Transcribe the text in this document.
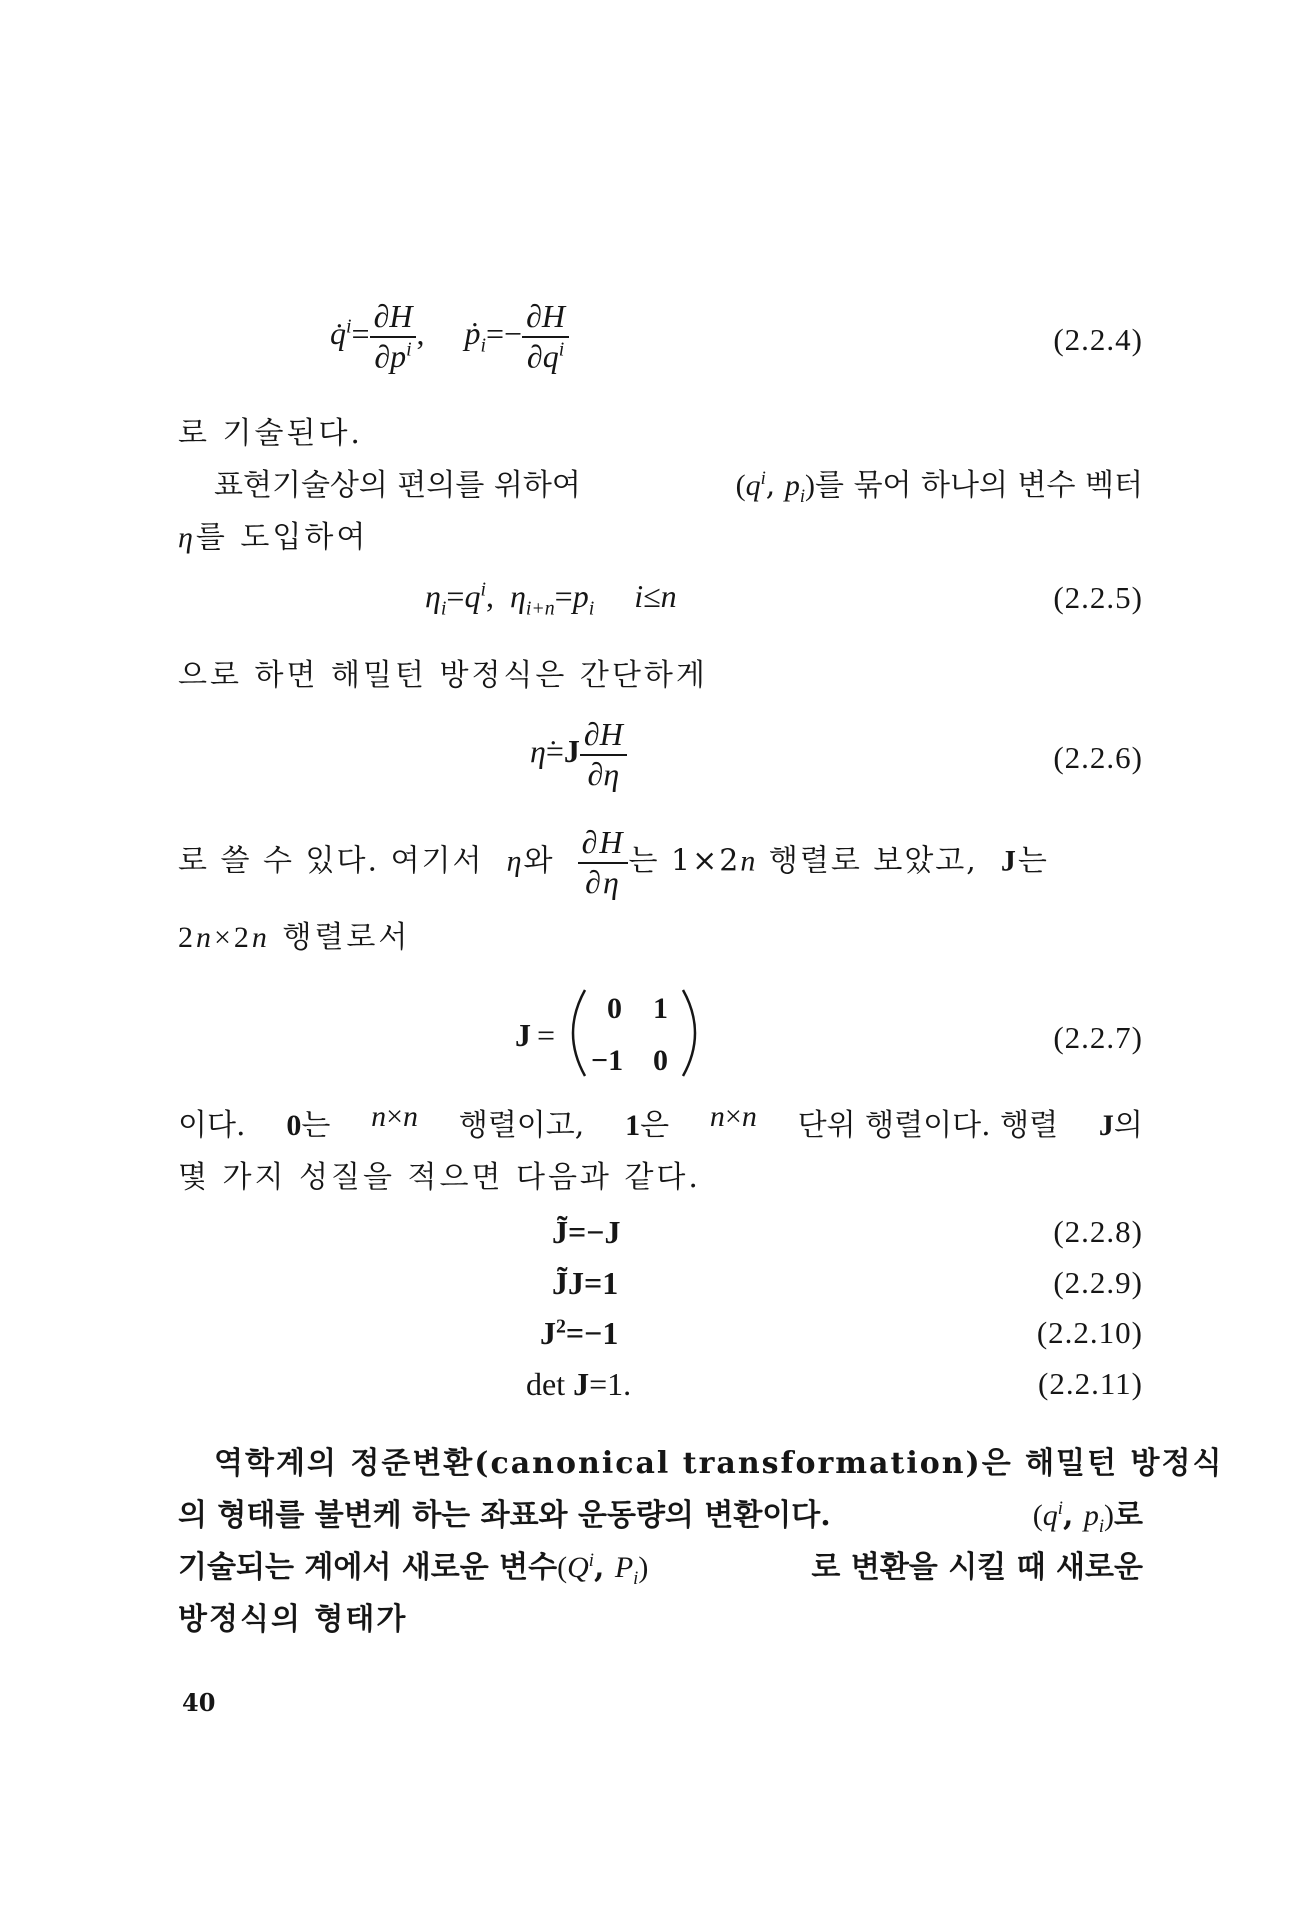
q̇$^i$= $\frac{\partial H}{\partial p^i}$ ,     ṗ$_i$=− $\frac{\partial H}{\partial q^i}$	(2.2.4)
로 기술된다.
표현기술상의 편의를 위하여	($q^i$, $p_i$)를 묶어 하나의 변수 벡터
η를 도입하여
$\eta_i=q^i$,  $\eta_{i+n}=p_i$ i≤n	(2.2.5)
으로 하면 해밀턴 방정식은 간단하게
η̇=J $\frac{\partial H}{\partial\eta}$	(2.2.6)
로 쓸 수 있다. 여기서 η와 $\frac{\partial H}{\partial\eta}$ 는 1×2n 행렬로 보았고, J는
2n×2n 행렬로서
J =
0 1
−1 0
(2.2.7)
이다. 0는 n×n 행렬이고, 1은 n×n 단위 행렬이다. 행렬 J의
몇 가지 성질을 적으면 다음과 같다.
J̃=−J	(2.2.8)
J̃J=1	(2.2.9)
$J^2=-1$	(2.2.10)
det J=1.	(2.2.11)
역학계의 정준변환(canonical transformation)은 해밀턴 방정식
의 형태를 불변케 하는 좌표와 운동량의 변환이다.	($q^i$, $p_i$)로
기술되는 계에서 새로운 변수($Q^i$, $P_i$)	로 변환을 시킬 때 새로운
방정식의 형태가
40
